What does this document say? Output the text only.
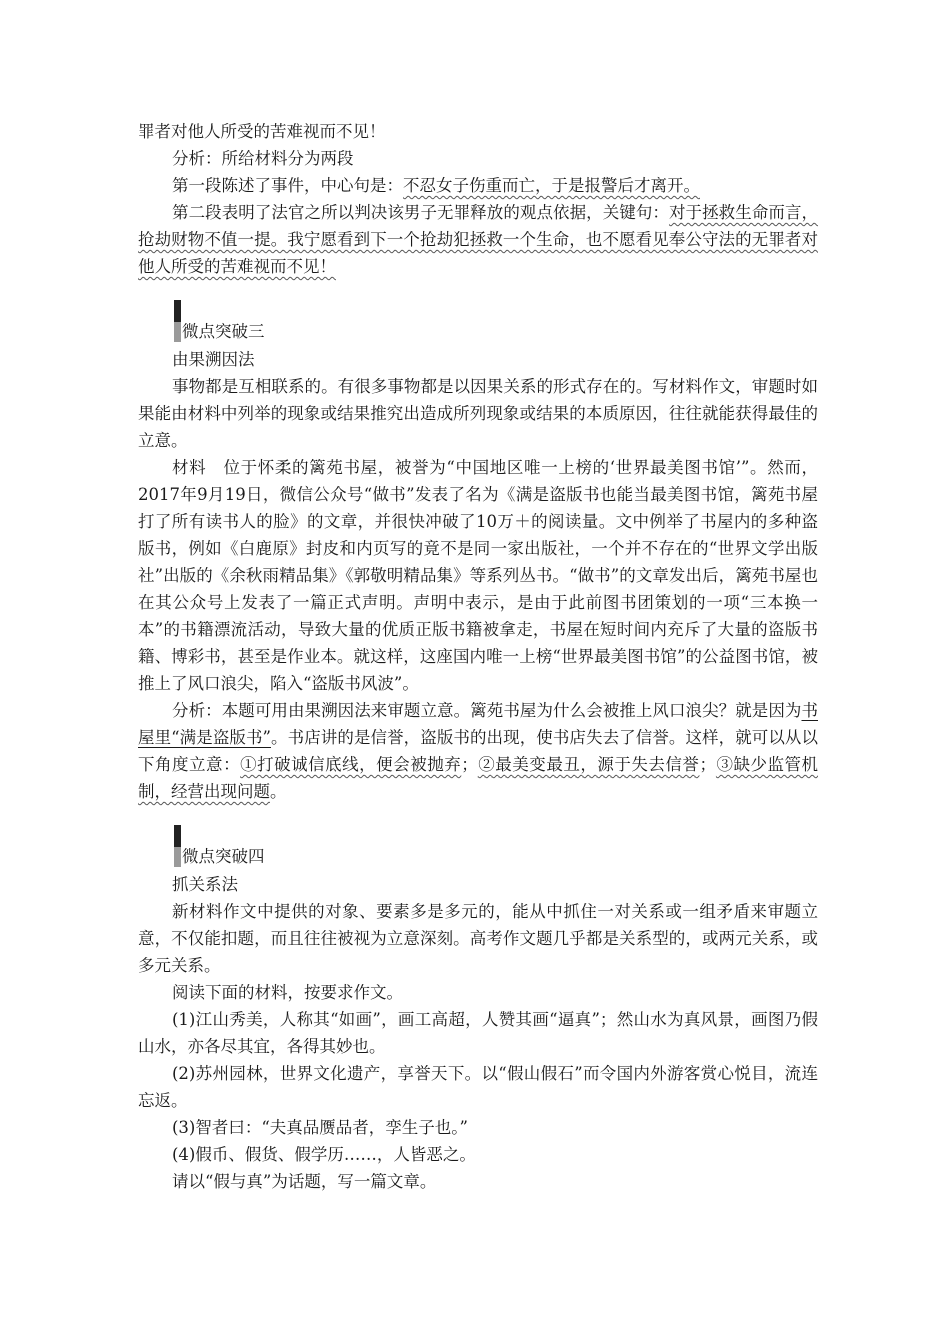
罪者对他人所受的苦难视而不见！

分析：所给材料分为两段

第一段陈述了事件，中心句是：不忍女子伤重而亡，于是报警后才离开。

第二段表明了法官之所以判决该男子无罪释放的观点依据，关键句：对于拯救生命而言，抢劫财物不值一提。我宁愿看到下一个抢劫犯拯救一个生命，也不愿看见奉公守法的无罪者对他人所受的苦难视而不见！

微点突破三

由果溯因法

事物都是互相联系的。有很多事物都是以因果关系的形式存在的。写材料作文，审题时如果能由材料中列举的现象或结果推究出造成所列现象或结果的本质原因，往往就能获得最佳的立意。

材料　位于怀柔的篱苑书屋，被誉为“中国地区唯一上榜的‘世界最美图书馆’”。然而，2017年9月19日，微信公众号“做书”发表了名为《满是盗版书也能当最美图书馆，篱苑书屋打了所有读书人的脸》的文章，并很快冲破了10万＋的阅读量。文中例举了书屋内的多种盗版书，例如《白鹿原》封皮和内页写的竟不是同一家出版社，一个并不存在的“世界文学出版社”出版的《余秋雨精品集》《郭敬明精品集》等系列丛书。“做书”的文章发出后，篱苑书屋也在其公众号上发表了一篇正式声明。声明中表示，是由于此前图书团策划的一项“三本换一本”的书籍漂流活动，导致大量的优质正版书籍被拿走，书屋在短时间内充斥了大量的盗版书籍、博彩书，甚至是作业本。就这样，这座国内唯一上榜“世界最美图书馆”的公益图书馆，被推上了风口浪尖，陷入“盗版书风波”。

分析：本题可用由果溯因法来审题立意。篱苑书屋为什么会被推上风口浪尖？就是因为书屋里“满是盗版书”。书店讲的是信誉，盗版书的出现，使书店失去了信誉。这样，就可以从以下角度立意：①打破诚信底线，便会被抛弃；②最美变最丑，源于失去信誉；③缺少监管机制，经营出现问题。

微点突破四

抓关系法

新材料作文中提供的对象、要素多是多元的，能从中抓住一对关系或一组矛盾来审题立意，不仅能扣题，而且往往被视为立意深刻。高考作文题几乎都是关系型的，或两元关系，或多元关系。

阅读下面的材料，按要求作文。

(1)江山秀美，人称其“如画”，画工高超，人赞其画“逼真”；然山水为真风景，画图乃假山水，亦各尽其宜，各得其妙也。

(2)苏州园林，世界文化遗产，享誉天下。以“假山假石”而令国内外游客赏心悦目，流连忘返。

(3)智者曰：“夫真品赝品者，孪生子也。”

(4)假币、假货、假学历……，人皆恶之。

请以“假与真”为话题，写一篇文章。
